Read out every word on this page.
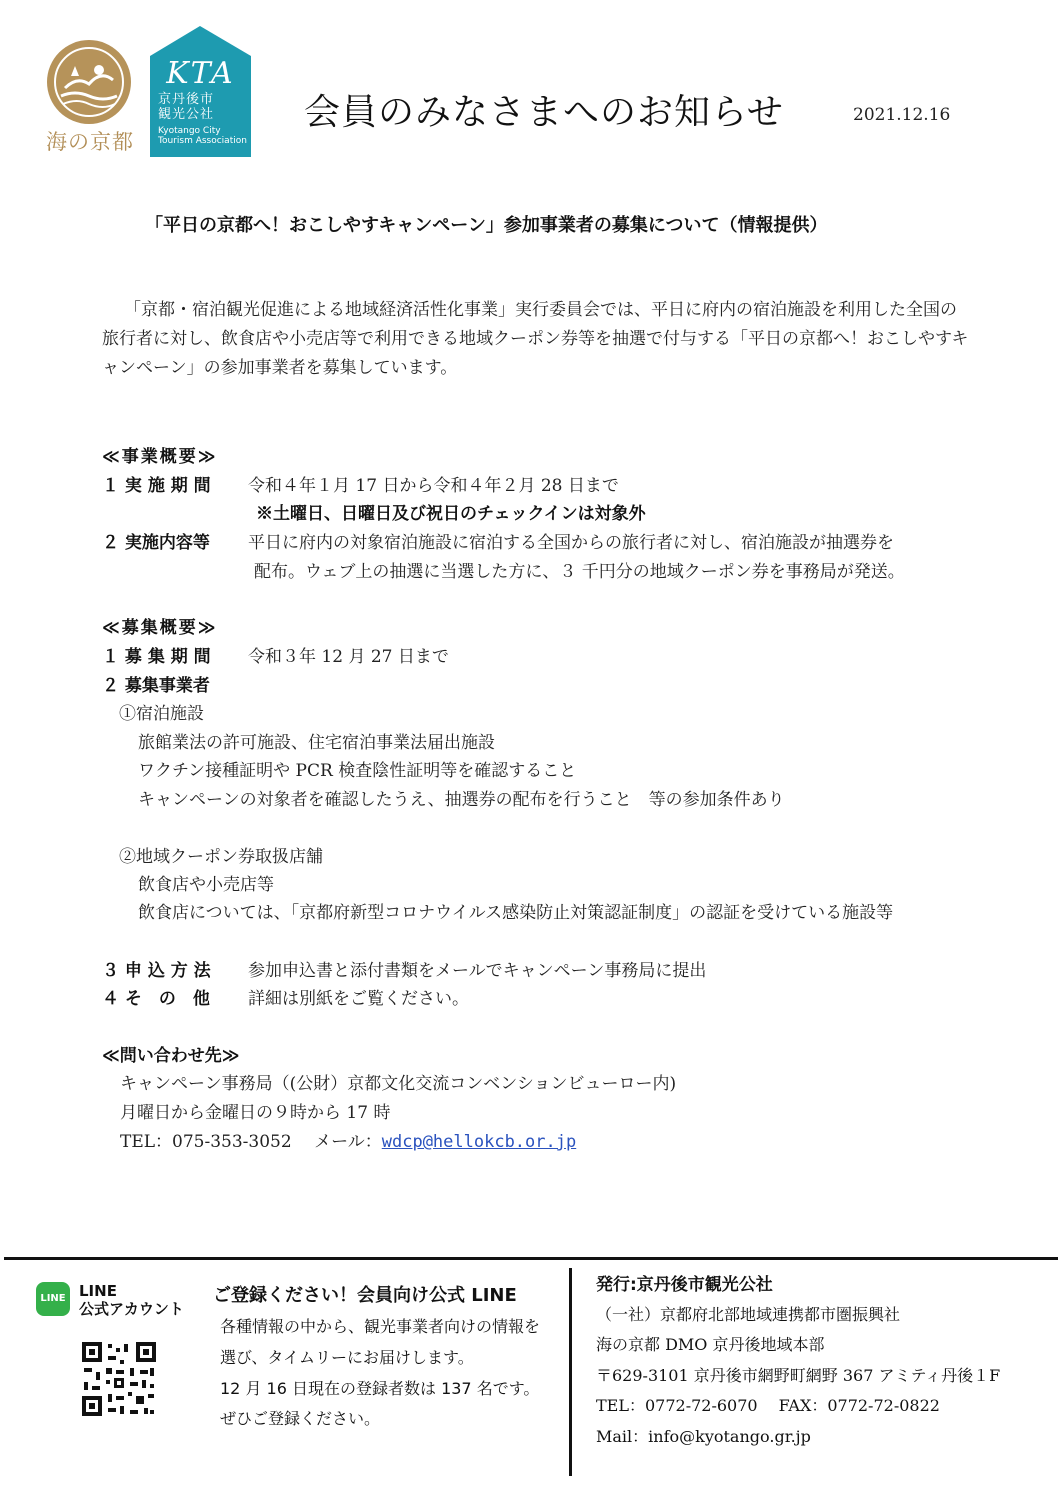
海の京都
KTA
京丹後市
観光公社
Kyotango City
Tourism Association
会員のみなさまへのお知らせ	2021.12.16
「平日の京都へ！おこしやすキャンペーン」参加事業者の募集について（情報提供）
「京都・宿泊観光促進による地域経済活性化事業」実行委員会では、平日に府内の宿泊施設を利用した全国の旅行者に対し、飲食店や小売店等で利用できる地域クーポン券等を抽選で付与する「平日の京都へ！おこしやすキャンペーン」の参加事業者を募集しています。
≪事業概要≫
１ 実 施 期 間 令和４年１月 17 日から令和４年２月 28 日まで
※土曜日、日曜日及び祝日のチェックインは対象外
２ 実施内容等 平日に府内の対象宿泊施設に宿泊する全国からの旅行者に対し、宿泊施設が抽選券を
配布。ウェブ上の抽選に当選した方に、３ 千円分の地域クーポン券を事務局が発送。
≪募集概要≫
１ 募 集 期 間 令和３年 12 月 27 日まで
２ 募集事業者
①宿泊施設
旅館業法の許可施設、住宅宿泊事業法届出施設
ワクチン接種証明や PCR 検査陰性証明等を確認すること
キャンペーンの対象者を確認したうえ、抽選券の配布を行うこと　等の参加条件あり
②地域クーポン券取扱店舗
飲食店や小売店等
飲食店については、「京都府新型コロナウイルス感染防止対策認証制度」の認証を受けている施設等
３ 申 込 方 法 参加申込書と添付書類をメールでキャンペーン事務局に提出
４ そ　の　他 詳細は別紙をご覧ください。
≪問い合わせ先≫
キャンペーン事務局（(公財）京都文化交流コンベンションビューロー内)
月曜日から金曜日の９時から 17 時
TEL：075-353-3052　 メール：wdcp@hellokcb.or.jp
LINE LINE
公式アカウント
ご登録ください！会員向け公式 LINE
各種情報の中から、観光事業者向けの情報を
選び、タイムリーにお届けします。
12 月 16 日現在の登録者数は 137 名です。
ぜひご登録ください。
発行:京丹後市観光公社
（一社）京都府北部地域連携都市圏振興社
海の京都 DMO 京丹後地域本部
〒629-3101 京丹後市網野町網野 367 アミティ丹後１F
TEL：0772-72-6070　 FAX：0772-72-0822
Mail：info@kyotango.gr.jp
